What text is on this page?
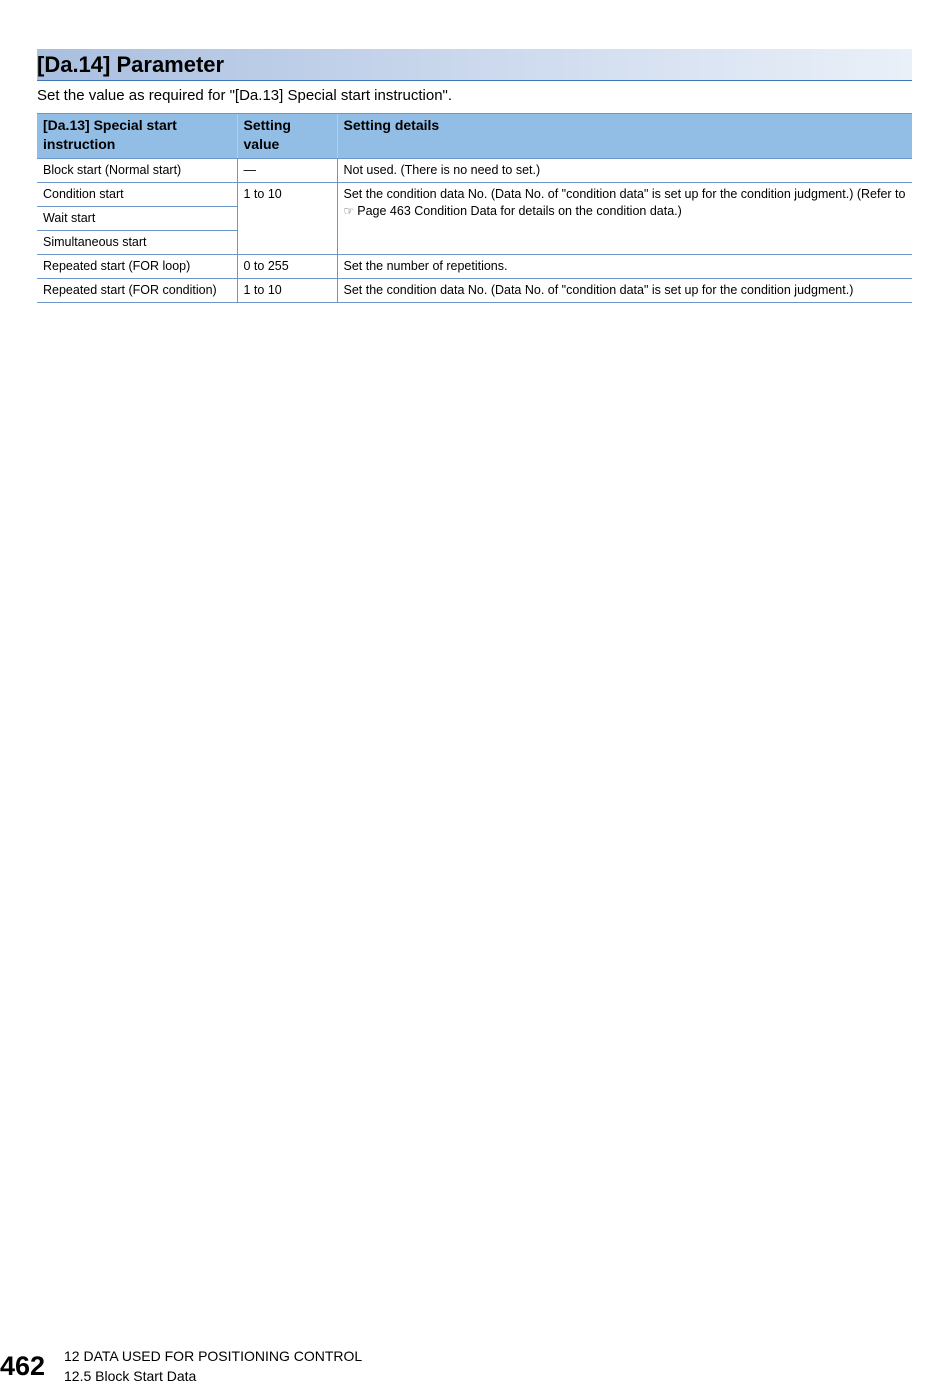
[Da.14] Parameter
Set the value as required for "[Da.13] Special start instruction".
[Da.13] Special start instruction	Setting value	Setting details
Block start (Normal start)	—	Not used. (There is no need to set.)
Condition start	1 to 10	Set the condition data No. (Data No. of "condition data" is set up for the condition judgment.) (Refer to
☞ Page 463 Condition Data for details on the condition data.)
Wait start		
Simultaneous start		
Repeated start (FOR loop)	0 to 255	Set the number of repetitions.
Repeated start (FOR condition)	1 to 10	Set the condition data No. (Data No. of "condition data" is set up for the condition judgment.)
462 12 DATA USED FOR POSITIONING CONTROL
12.5 Block Start Data
